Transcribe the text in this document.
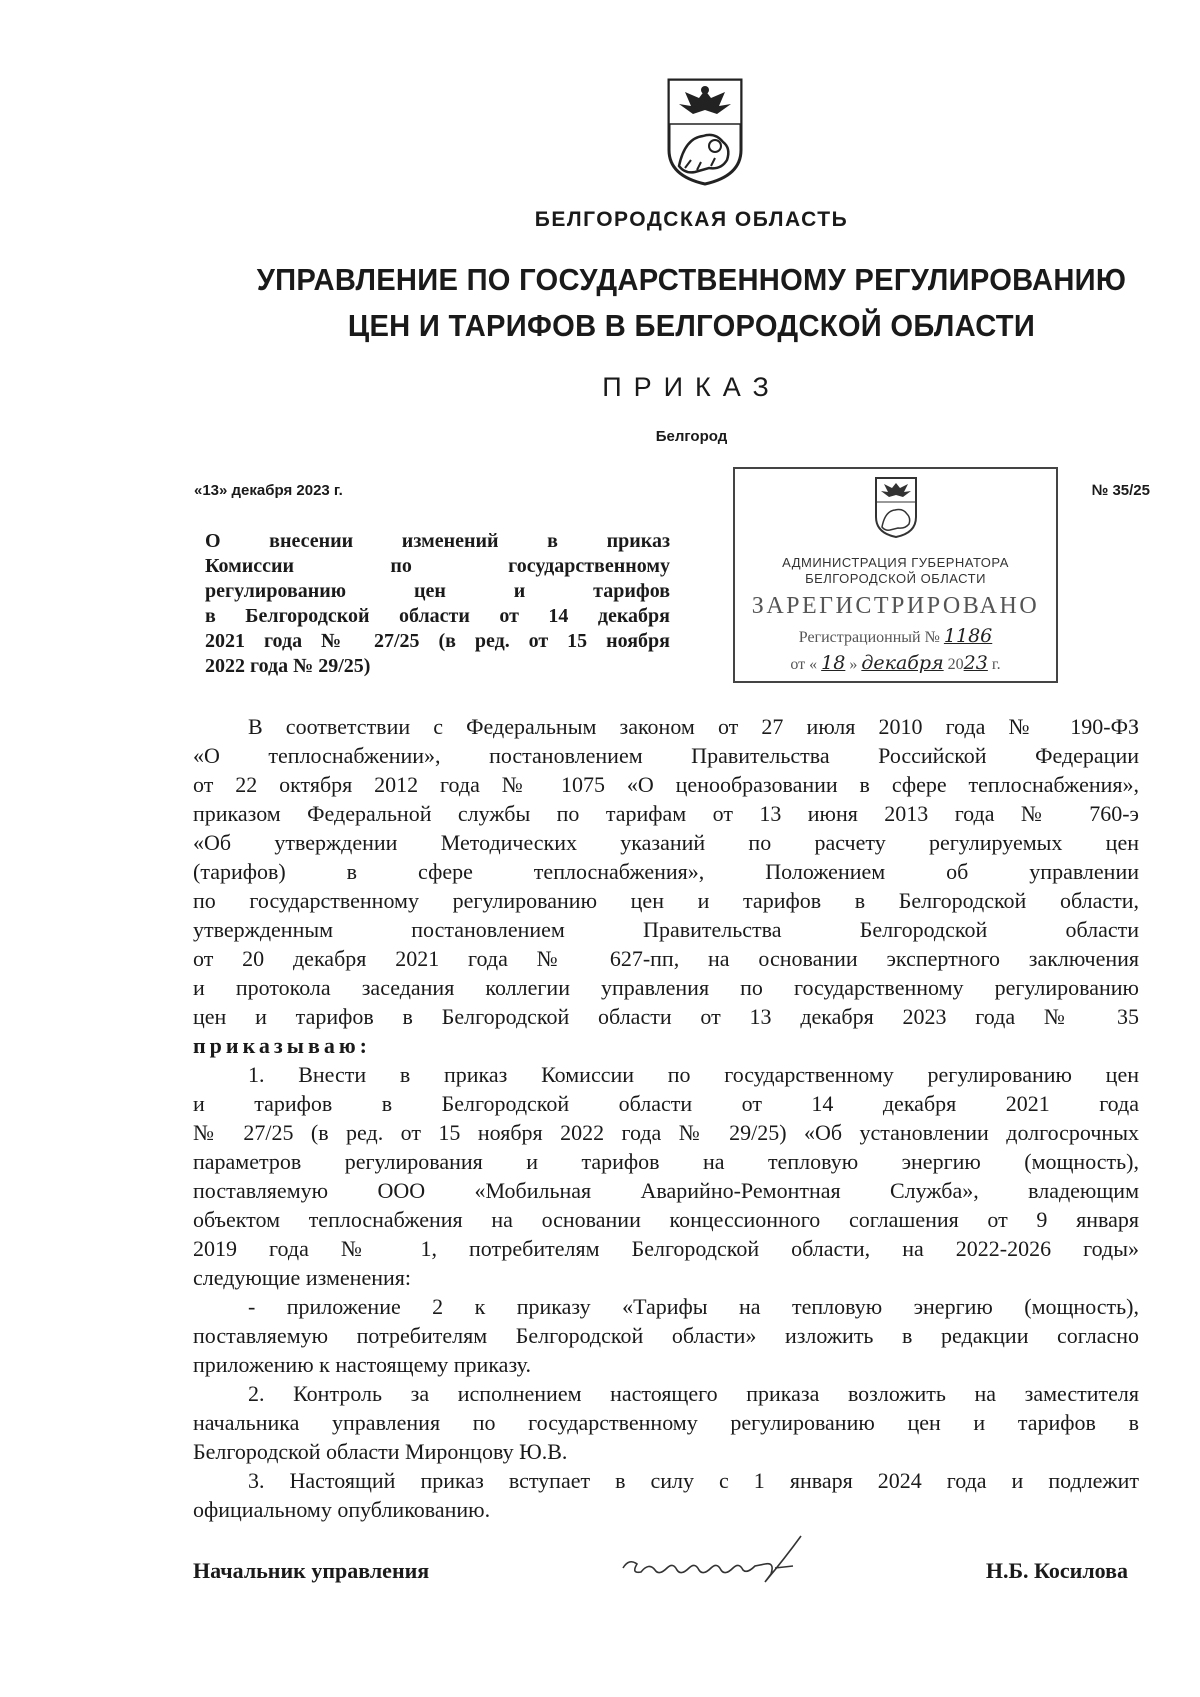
БЕЛГОРОДСКАЯ ОБЛАСТЬ
УПРАВЛЕНИЕ ПО ГОСУДАРСТВЕННОМУ РЕГУЛИРОВАНИЮ
ЦЕН И ТАРИФОВ В БЕЛГОРОДСКОЙ ОБЛАСТИ
ПРИКАЗ
Белгород
«13» декабря 2023 г.	№ 35/25
АДМИНИСТРАЦИЯ ГУБЕРНАТОРА
БЕЛГОРОДСКОЙ ОБЛАСТИ
ЗАРЕГИСТРИРОВАНО
Регистрационный № 1186
от « 18 » декабря 2023 г.
О внесении изменений в приказ
Комиссии по государственному
регулированию цен и тарифов
в Белгородской области от 14 декабря
2021 года № 27/25 (в ред. от 15 ноября
2022 года № 29/25)

В соответствии с Федеральным законом от 27 июля 2010 года № 190-ФЗ
«О теплоснабжении», постановлением Правительства Российской Федерации
от 22 октября 2012 года № 1075 «О ценообразовании в сфере теплоснабжения»,
приказом Федеральной службы по тарифам от 13 июня 2013 года № 760-э
«Об утверждении Методических указаний по расчету регулируемых цен
(тарифов) в сфере теплоснабжения», Положением об управлении
по государственному регулированию цен и тарифов в Белгородской области,
утвержденным постановлением Правительства Белгородской области
от 20 декабря 2021 года № 627-пп, на основании экспертного заключения
и протокола заседания коллегии управления по государственному регулированию
цен и тарифов в Белгородской области от 13 декабря 2023 года № 35
приказываю:

1. Внести в приказ Комиссии по государственному регулированию цен
и тарифов в Белгородской области от 14 декабря 2021 года
№ 27/25 (в ред. от 15 ноября 2022 года № 29/25) «Об установлении долгосрочных
параметров регулирования и тарифов на тепловую энергию (мощность),
поставляемую ООО «Мобильная Аварийно-Ремонтная Служба», владеющим
объектом теплоснабжения на основании концессионного соглашения от 9 января
2019 года № 1, потребителям Белгородской области, на 2022-2026 годы»
следующие изменения:

- приложение 2 к приказу «Тарифы на тепловую энергию (мощность),
поставляемую потребителям Белгородской области» изложить в редакции согласно
приложению к настоящему приказу.

2. Контроль за исполнением настоящего приказа возложить на заместителя
начальника управления по государственному регулированию цен и тарифов в
Белгородской области Миронцову Ю.В.

3. Настоящий приказ вступает в силу с 1 января 2024 года и подлежит
официальному опубликованию.

Начальник управления	Н.Б. Косилова
